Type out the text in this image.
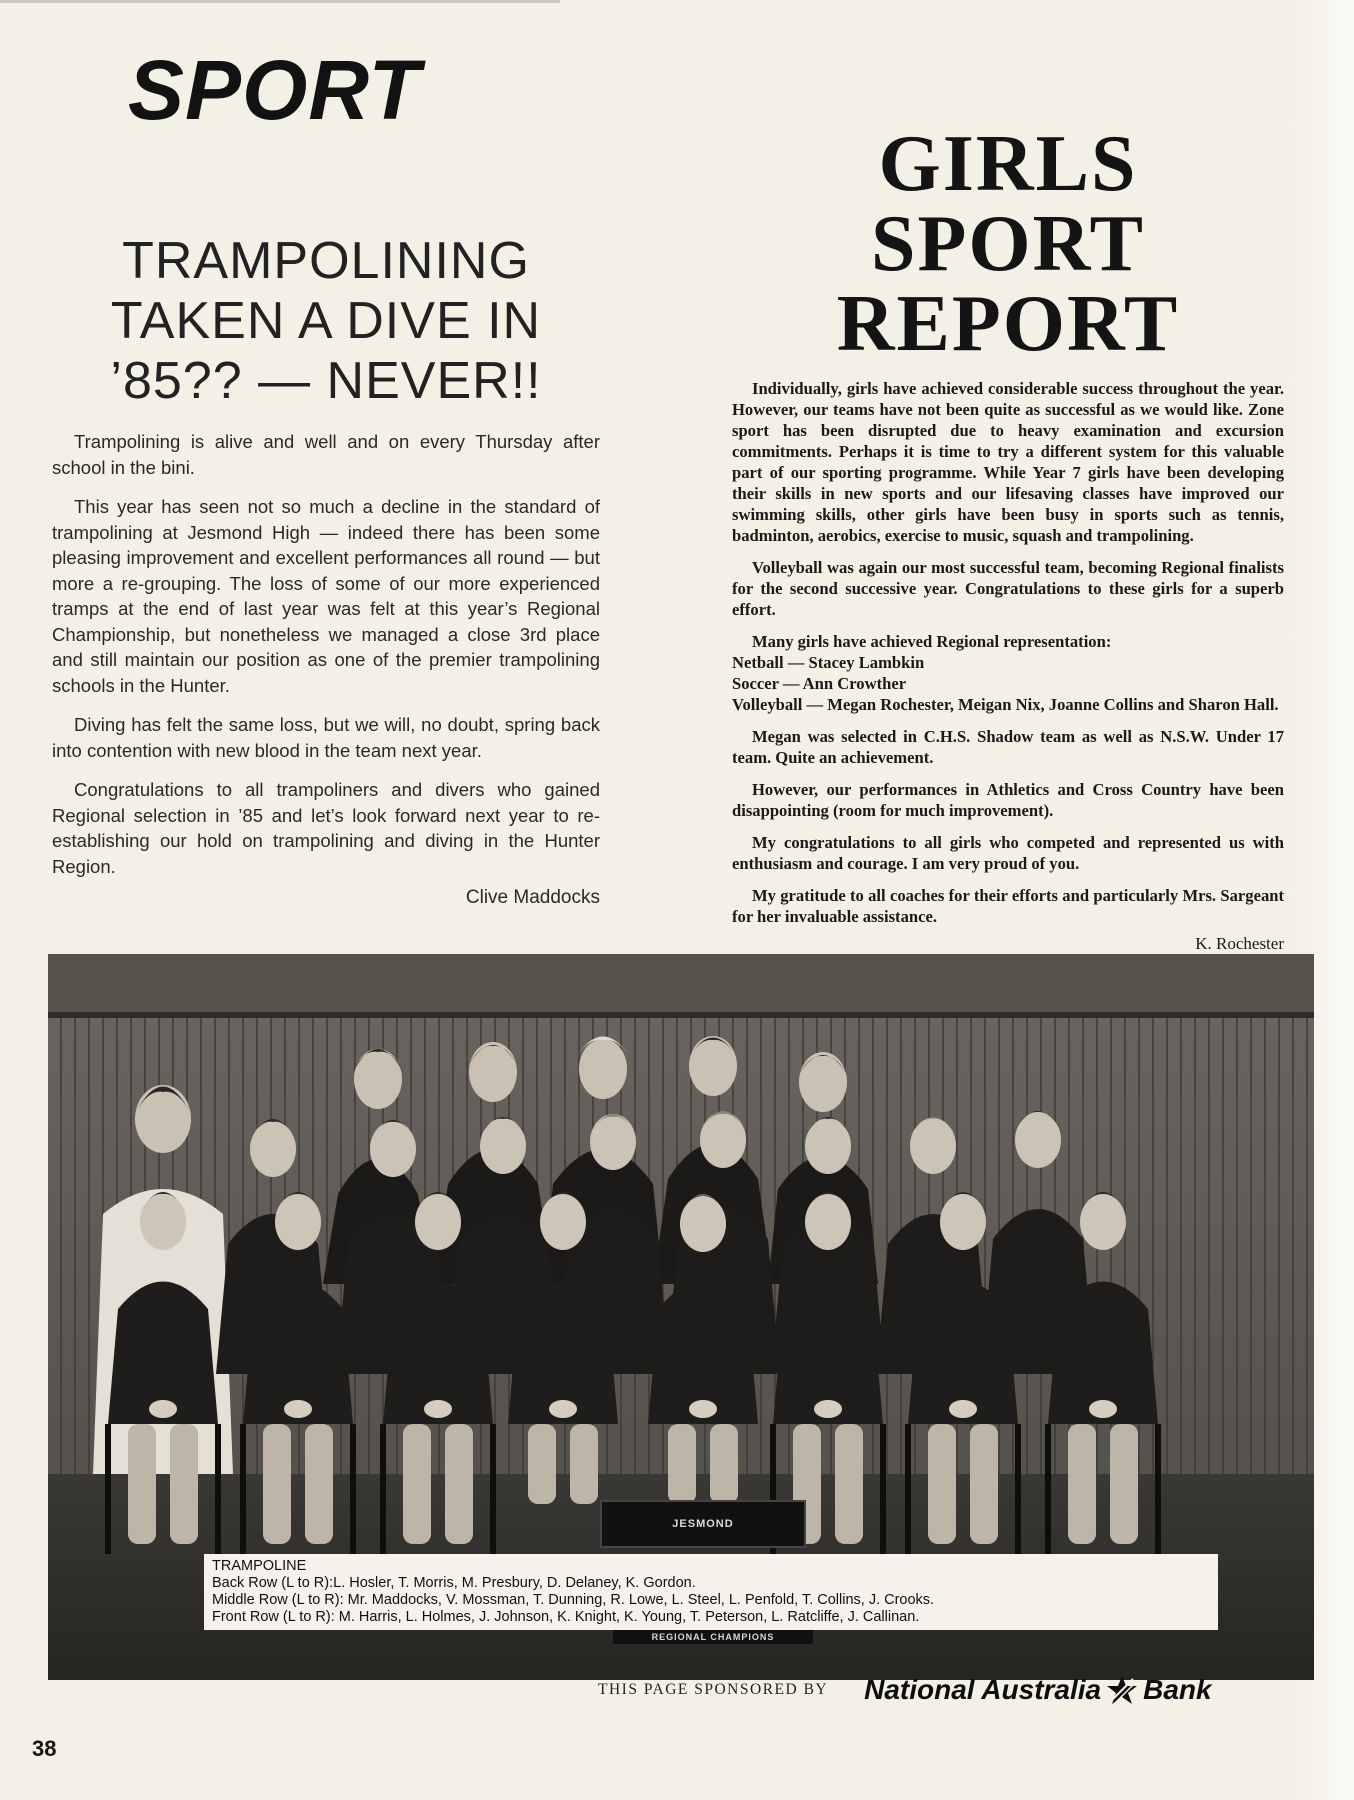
SPORT
TRAMPOLINING
TAKEN A DIVE IN
’85?? — NEVER!!

Trampolining is alive and well and on every Thursday after school in the bini.

This year has seen not so much a decline in the standard of trampolining at Jesmond High — indeed there has been some pleasing improvement and excellent performances all round — but more a re-grouping. The loss of some of our more experienced tramps at the end of last year was felt at this year’s Regional Championship, but nonetheless we managed a close 3rd place and still maintain our position as one of the premier trampolining schools in the Hunter.

Diving has felt the same loss, but we will, no doubt, spring back into contention with new blood in the team next year.

Congratulations to all trampoliners and divers who gained Regional selection in ’85 and let’s look forward next year to re-establishing our hold on trampolining and diving in the Hunter Region.

Clive Maddocks
GIRLS SPORT
REPORT

Individually, girls have achieved considerable success throughout the year. However, our teams have not been quite as successful as we would like. Zone sport has been disrupted due to heavy examination and excursion commitments. Perhaps it is time to try a different system for this valuable part of our sporting programme. While Year 7 girls have been developing their skills in new sports and our lifesaving classes have improved our swimming skills, other girls have been busy in sports such as tennis, badminton, aerobics, exercise to music, squash and trampolining.

Volleyball was again our most successful team, becoming Regional finalists for the second successive year. Congratulations to these girls for a superb effort.

Many girls have achieved Regional representation:
Netball — Stacey Lambkin
Soccer — Ann Crowther
Volleyball — Megan Rochester, Meigan Nix, Joanne Collins and Sharon Hall.

Megan was selected in C.H.S. Shadow team as well as N.S.W. Under 17 team. Quite an achievement.

However, our performances in Athletics and Cross Country have been disappointing (room for much improvement).

My congratulations to all girls who competed and represented us with enthusiasm and courage. I am very proud of you.

My gratitude to all coaches for their efforts and particularly Mrs. Sargeant for her invaluable assistance.

K. Rochester
JESMOND
TRAMPOLINE
Back Row (L to R):L. Hosler, T. Morris, M. Presbury, D. Delaney, K. Gordon.
Middle Row (L to R): Mr. Maddocks, V. Mossman, T. Dunning, R. Lowe, L. Steel, L. Penfold, T. Collins, J. Crooks.
Front Row (L to R): M. Harris, L. Holmes, J. Johnson, K. Knight, K. Young, T. Peterson, L. Ratcliffe, J. Callinan.
REGIONAL CHAMPIONS
THIS PAGE SPONSORED BY National Australia Bank
38
